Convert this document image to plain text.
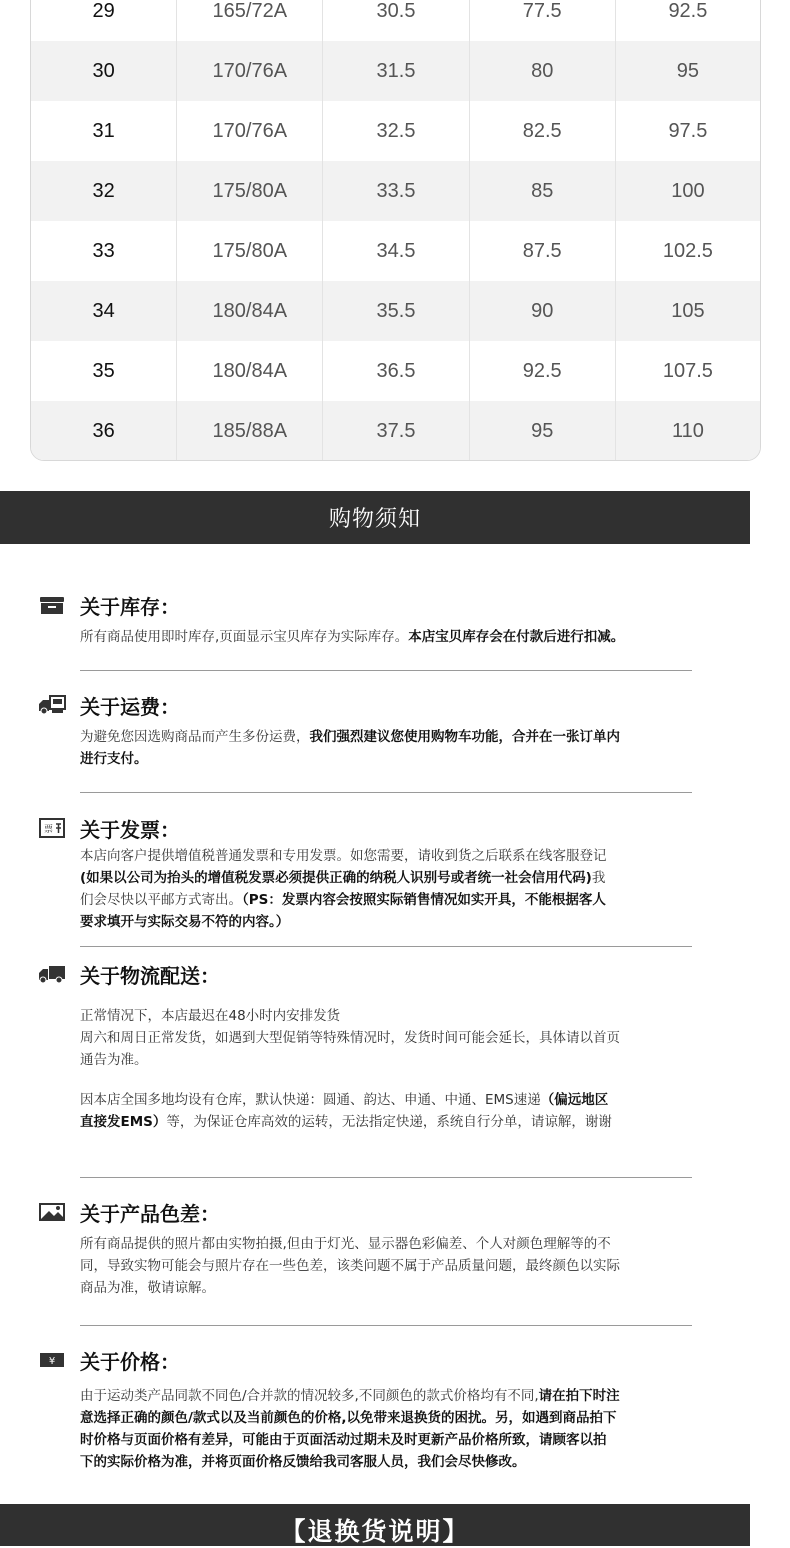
29	165/72A	30.5	77.5	92.5
30	170/76A	31.5	80	95
31	170/76A	32.5	82.5	97.5
32	175/80A	33.5	85	100
33	175/80A	34.5	87.5	102.5
34	180/84A	35.5	90	105
35	180/84A	36.5	92.5	107.5
36	185/88A	37.5	95	110
购物须知
关于库存：

所有商品使用即时库存,页面显示宝贝库存为实际库存。本店宝贝库存会在付款后进行扣减。

关于运费：

为避免您因选购商品而产生多份运费，我们强烈建议您使用购物车功能，合并在一张订单内

进行支付。

票 关于发票：

本店向客户提供增值税普通发票和专用发票。如您需要，请收到货之后联系在线客服登记

(如果以公司为抬头的增值税发票必须提供正确的纳税人识别号或者统一社会信用代码)我

们会尽快以平邮方式寄出。（PS：发票内容会按照实际销售情况如实开具，不能根据客人

要求填开与实际交易不符的内容。）

关于物流配送：

正常情况下，本店最迟在48小时内安排发货

周六和周日正常发货，如遇到大型促销等特殊情况时，发货时间可能会延长，具体请以首页

通告为准。

因本店全国多地均设有仓库，默认快递：圆通、韵达、申通、中通、EMS速递（偏远地区

直接发EMS）等，为保证仓库高效的运转，无法指定快递，系统自行分单，请谅解，谢谢

关于产品色差：

所有商品提供的照片都由实物拍摄,但由于灯光、显示器色彩偏差、个人对颜色理解等的不

同，导致实物可能会与照片存在一些色差，该类问题不属于产品质量问题，最终颜色以实际

商品为准，敬请谅解。

¥ 关于价格：

由于运动类产品同款不同色/合并款的情况较多,不同颜色的款式价格均有不同,请在拍下时注

意选择正确的颜色/款式以及当前颜色的价格,以免带来退换货的困扰。另，如遇到商品拍下

时价格与页面价格有差异，可能由于页面活动过期未及时更新产品价格所致，请顾客以拍

下的实际价格为准，并将页面价格反馈给我司客服人员，我们会尽快修改。

【退换货说明】
